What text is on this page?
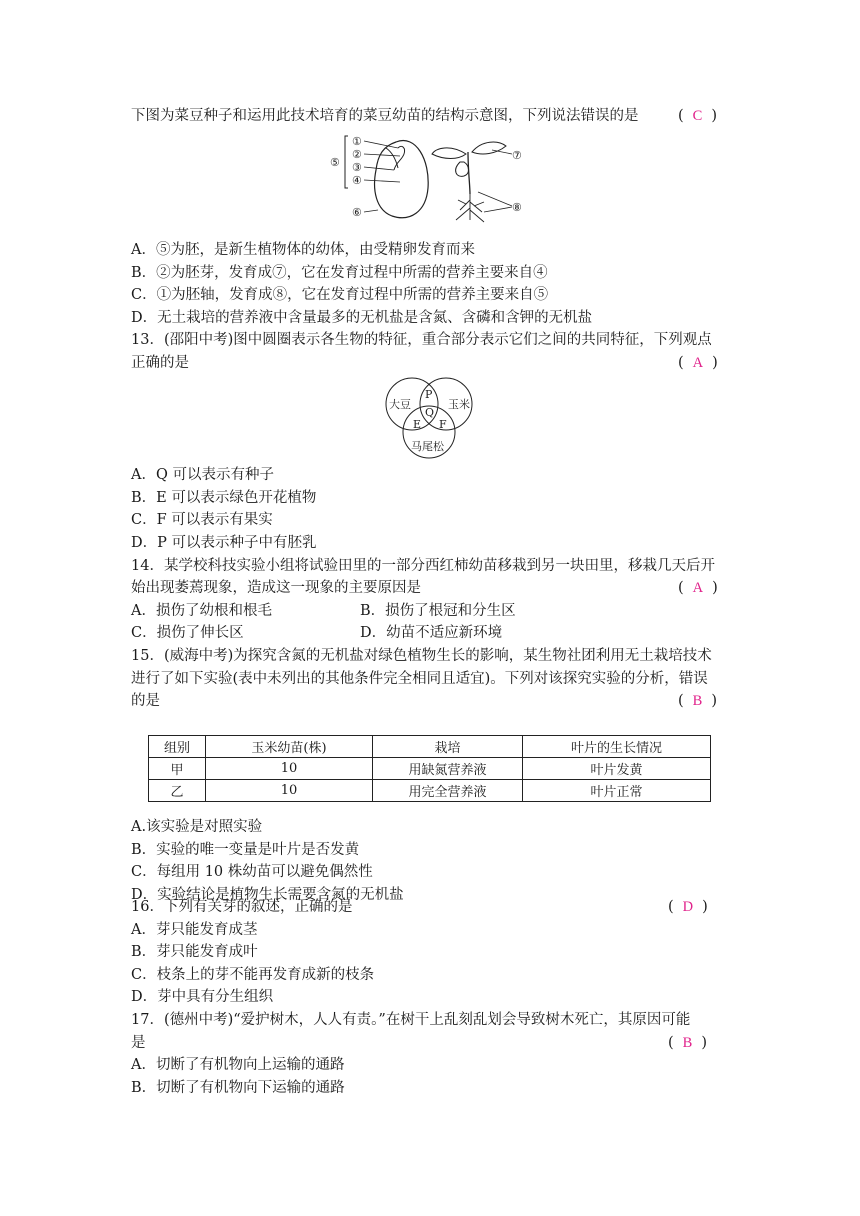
下图为菜豆种子和运用此技术培育的菜豆幼苗的结构示意图，下列说法错误的是	( C )
①
②
③
④
⑤
⑥
⑦
⑧
A．⑤为胚，是新生植物体的幼体，由受精卵发育而来
B．②为胚芽，发育成⑦，它在发育过程中所需的营养主要来自④
C．①为胚轴，发育成⑧，它在发育过程中所需的营养主要来自⑤
D．无土栽培的营养液中含量最多的无机盐是含氮、含磷和含钾的无机盐
13．(邵阳中考)图中圆圈表示各生物的特征，重合部分表示它们之间的共同特征，下列观点
正确的是	( A )
大豆	玉米
马尾松
P
Q
E F
A．Q 可以表示有种子
B．E 可以表示绿色开花植物
C．F 可以表示有果实
D．P 可以表示种子中有胚乳
14．某学校科技实验小组将试验田里的一部分西红柿幼苗移栽到另一块田里，移栽几天后开
始出现萎蔫现象，造成这一现象的主要原因是	( A )
A．损伤了幼根和根毛	B．损伤了根冠和分生区
C．损伤了伸长区	D．幼苗不适应新环境
15．(威海中考)为探究含氮的无机盐对绿色植物生长的影响，某生物社团利用无土栽培技术
进行了如下实验(表中未列出的其他条件完全相同且适宜)。下列对该探究实验的分析，错误
的是	( B )
组别	玉米幼苗(株)	栽培	叶片的生长情况
甲	10	用缺氮营养液	叶片发黄
乙	10	用完全营养液	叶片正常
A.该实验是对照实验
B．实验的唯一变量是叶片是否发黄
C．每组用 10 株幼苗可以避免偶然性
D．实验结论是植物生长需要含氮的无机盐
16．下列有关芽的叙述，正确的是	( D )
A．芽只能发育成茎
B．芽只能发育成叶
C．枝条上的芽不能再发育成新的枝条
D．芽中具有分生组织
17．(德州中考)“爱护树木，人人有责。”在树干上乱刻乱划会导致树木死亡，其原因可能
是	( B )
A．切断了有机物向上运输的通路
B．切断了有机物向下运输的通路
